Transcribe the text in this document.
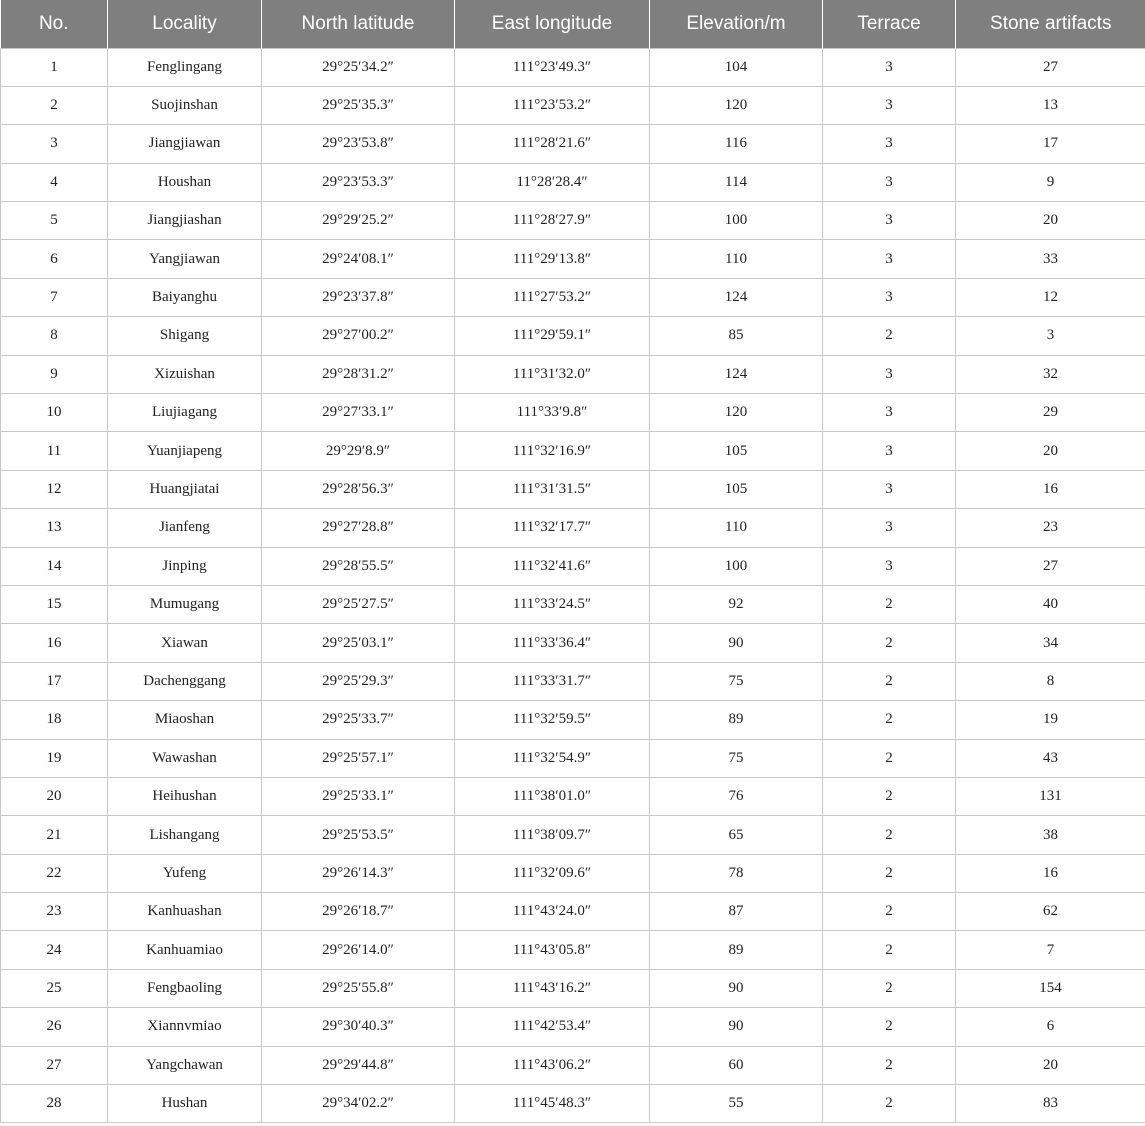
No.	Locality	North latitude	East longitude	Elevation/m	Terrace	Stone artifacts
1	Fenglingang	29°25′34.2″	111°23′49.3″	104	3	27
2	Suojinshan	29°25′35.3″	111°23′53.2″	120	3	13
3	Jiangjiawan	29°23′53.8″	111°28′21.6″	116	3	17
4	Houshan	29°23′53.3″	11°28′28.4″	114	3	9
5	Jiangjiashan	29°29′25.2″	111°28′27.9″	100	3	20
6	Yangjiawan	29°24′08.1″	111°29′13.8″	110	3	33
7	Baiyanghu	29°23′37.8″	111°27′53.2″	124	3	12
8	Shigang	29°27′00.2″	111°29′59.1″	85	2	3
9	Xizuishan	29°28′31.2″	111°31′32.0″	124	3	32
10	Liujiagang	29°27′33.1″	111°33′9.8″	120	3	29
11	Yuanjiapeng	29°29′8.9″	111°32′16.9″	105	3	20
12	Huangjiatai	29°28′56.3″	111°31′31.5″	105	3	16
13	Jianfeng	29°27′28.8″	111°32′17.7″	110	3	23
14	Jinping	29°28′55.5″	111°32′41.6″	100	3	27
15	Mumugang	29°25′27.5″	111°33′24.5″	92	2	40
16	Xiawan	29°25′03.1″	111°33′36.4″	90	2	34
17	Dachenggang	29°25′29.3″	111°33′31.7″	75	2	8
18	Miaoshan	29°25′33.7″	111°32′59.5″	89	2	19
19	Wawashan	29°25′57.1″	111°32′54.9″	75	2	43
20	Heihushan	29°25′33.1″	111°38′01.0″	76	2	131
21	Lishangang	29°25′53.5″	111°38′09.7″	65	2	38
22	Yufeng	29°26′14.3″	111°32′09.6″	78	2	16
23	Kanhuashan	29°26′18.7″	111°43′24.0″	87	2	62
24	Kanhuamiao	29°26′14.0″	111°43′05.8″	89	2	7
25	Fengbaoling	29°25′55.8″	111°43′16.2″	90	2	154
26	Xiannvmiao	29°30′40.3″	111°42′53.4″	90	2	6
27	Yangchawan	29°29′44.8″	111°43′06.2″	60	2	20
28	Hushan	29°34′02.2″	111°45′48.3″	55	2	83
